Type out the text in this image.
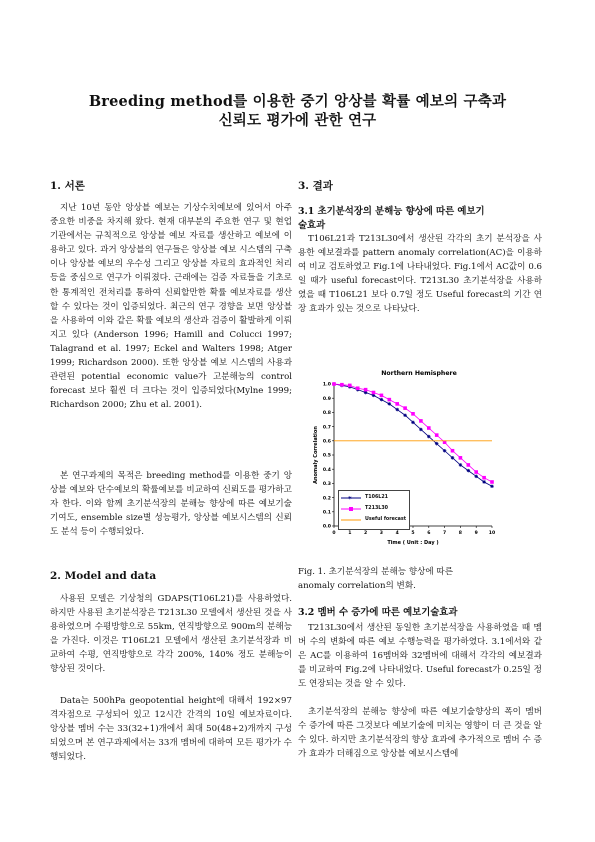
Breeding method를 이용한 중기 앙상블 확률 예보의 구축과
신뢰도 평가에 관한 연구
1. 서론

지난 10년 동안 앙상블 예보는 기상수치예보에 있어서 아주 중요한 비중을 차지해 왔다. 현재 대부분의 주요한 연구 및 현업기관에서는 규칙적으로 앙상블 예보 자료를 생산하고 예보에 이용하고 있다. 과거 앙상블의 연구들은 앙상블 예보 시스템의 구축이나 앙상블 예보의 우수성 그리고 앙상블 자료의 효과적인 처리 등을 중심으로 연구가 이뤄졌다. 근래에는 검증 자료들을 기초로 한 통계적인 전처리를 통하여 신뢰할만한 확률 예보자료를 생산할 수 있다는 것이 입증되었다. 최근의 연구 경향을 보면 앙상블을 사용하여 이와 같은 확률 예보의 생산과 검증이 활발하게 이뤄지고 있다 (Anderson 1996; Hamill and Colucci 1997; Talagrand et al. 1997; Eckel and Walters 1998; Atger 1999; Richardson 2000). 또한 앙상블 예보 시스템의 사용과 관련된 potential economic value가 고분해능의 control forecast 보다 훨씬 더 크다는 것이 입증되었다(Mylne 1999; Richardson 2000; Zhu et al. 2001).

본 연구과제의 목적은 breeding method를 이용한 중기 앙상블 예보와 단수예보의 확률예보를 비교하여 신뢰도를 평가하고자 한다. 이와 함께 초기분석장의 분해능 향상에 따른 예보기술 기여도, ensemble size별 성능평가, 앙상블 예보시스템의 신뢰도 분석 등이 수행되었다.

2. Model and data

사용된 모델은 기상청의 GDAPS(T106L21)를 사용하였다. 하지만 사용된 초기분석장은 T213L30 모델에서 생산된 것을 사용하였으며 수평방향으로 55km, 연직방향으로 900m의 분해능을 가진다. 이것은 T106L21 모델에서 생산된 초기분석장과 비교하여 수평, 연직방향으로 각각 200%, 140% 정도 분해능이 향상된 것이다.

Data는 500hPa geopotential height에 대해서 192×97 격자점으로 구성되어 있고 12시간 간격의 10일 예보자료이다. 앙상블 멤버 수는 33(32+1)개에서 최대 50(48+2)개까지 구성되었으며 본 연구과제에서는 33개 멤버에 대하여 모든 평가가 수행되었다.

3. 결과
3.1 초기분석장의 분해능 향상에 따른 예보기
술효과

T106L21과 T213L30에서 생산된 각각의 초기 분석장을 사용한 예보결과를 pattern anomaly correlation(AC)을 이용하여 비교 검토하였고 Fig.1에 나타내었다. Fig.1에서 AC값이 0.6일 때가 useful forecast이다. T213L30 초기분석장을 사용하였을 때 T106L21 보다 0.7일 정도 Useful forecast의 기간 연장 효과가 있는 것으로 나타났다.

Northern Hemisphere
0.0
0.1
0.2
0.3
0.4
0.5
0.6
0.7
0.8
0.9
1.0
0	1	2	3	4	5	6	7	8	9 10
Time ( Unit : Day )
Anomaly Correlation
*	T106L21
T213L30
Useful forecast

Fig. 1. 초기분석장의 분해능 향상에 따른
anomaly correlation의 변화.

3.2 멤버 수 증가에 따른 예보기술효과

T213L30에서 생산된 동일한 초기분석장을 사용하였을 때 멤버 수의 변화에 따른 예보 수행능력을 평가하였다. 3.1에서와 같은 AC를 이용하여 16멤버와 32멤버에 대해서 각각의 예보결과를 비교하여 Fig.2에 나타내었다. Useful forecast가 0.25일 정도 연장되는 것을 알 수 있다.

초기분석장의 분해능 향상에 따른 예보기술향상의 폭이 멤버 수 증가에 따른 그것보다 예보기술에 미치는 영향이 더 큰 것을 알 수 있다. 하지만 초기분석장의 향상 효과에 추가적으로 멤버 수 증가 효과가 더해짐으로 앙상블 예보시스템에
